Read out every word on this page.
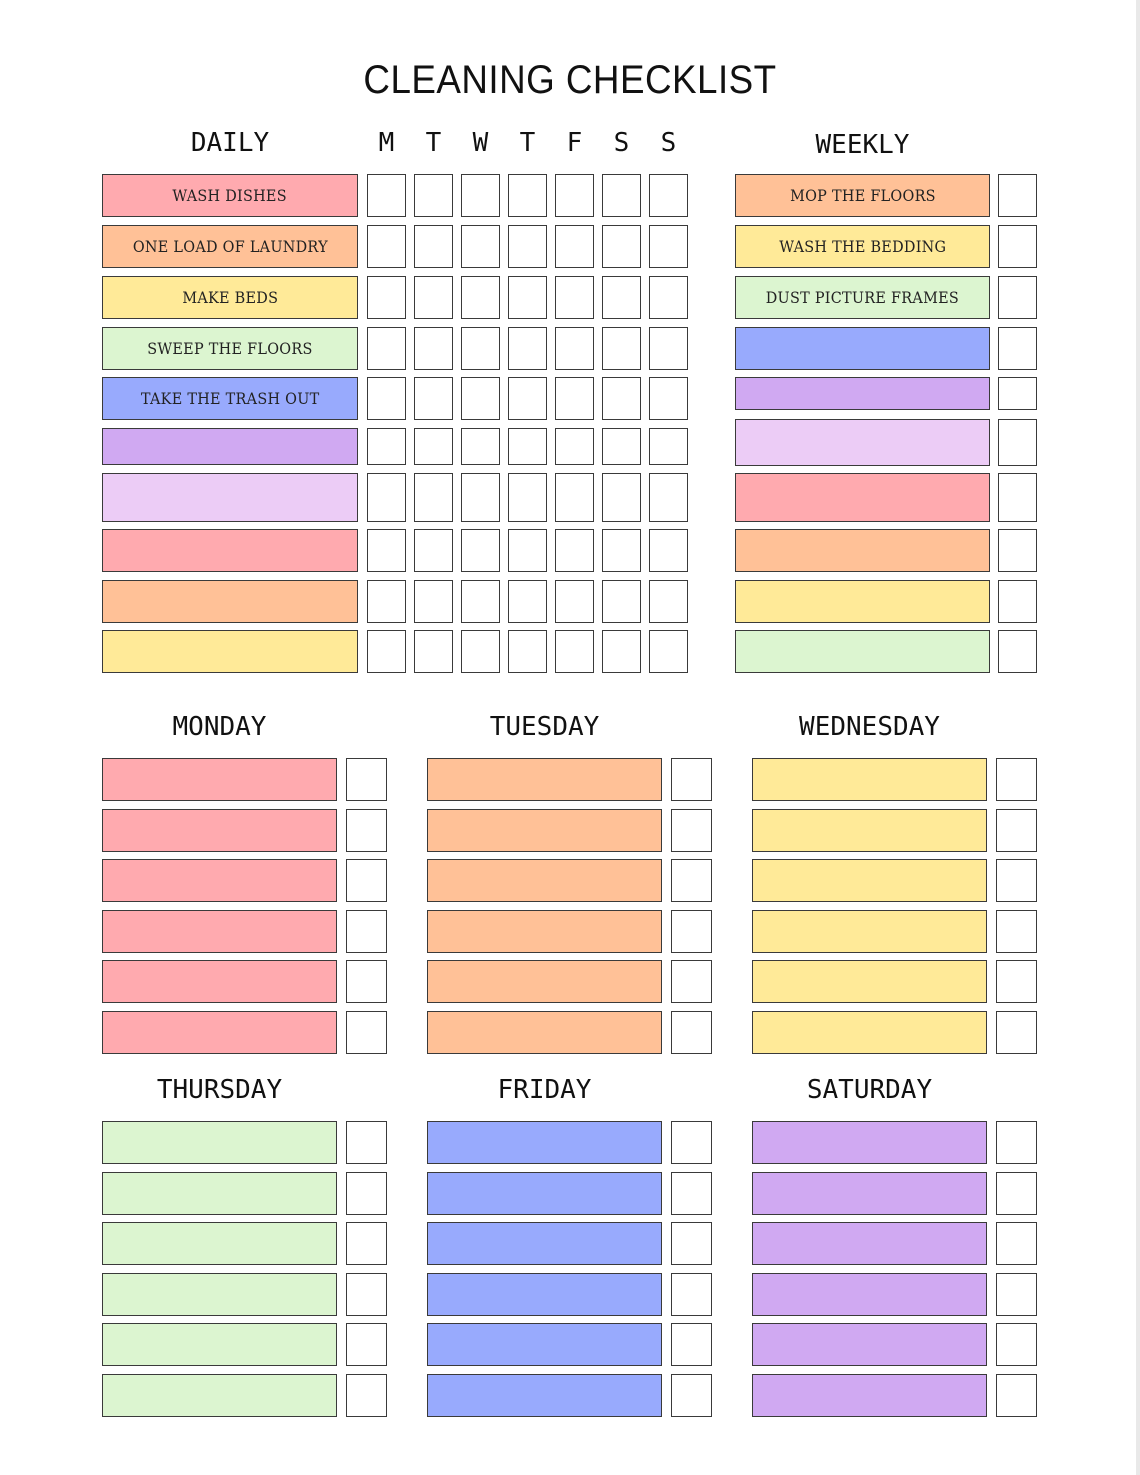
CLEANING CHECKLIST
DAILY	M	T	W	T	F	S	S
WASH DISHES
ONE LOAD OF LAUNDRY
MAKE BEDS
SWEEP THE FLOORS
TAKE THE TRASH OUT
WEEKLY
MOP THE FLOORS
WASH THE BEDDING
DUST PICTURE FRAMES
MONDAY	TUESDAY	WEDNESDAY
THURSDAY	FRIDAY	SATURDAY
